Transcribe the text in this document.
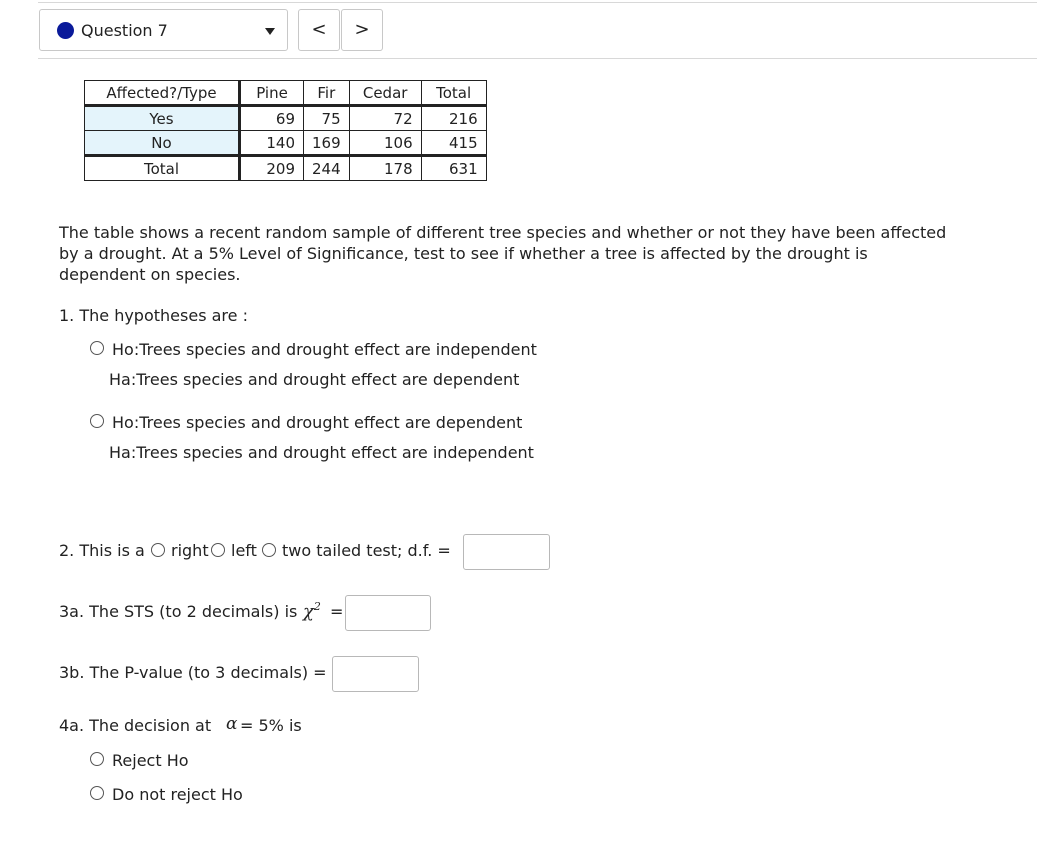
Question 7	<	>
Affected?/Type	Pine	Fir	Cedar	Total
Yes	69	75	72	216
No	140	169	106	415
Total	209	244	178	631
The table shows a recent random sample of different tree species and whether or not they have been affected by a drought. At a 5% Level of Significance, test to see if whether a tree is affected by the drought is dependent on species.
1. The hypotheses are :
Ho:Trees species and drought effect are independent
Ha:Trees species and drought effect are dependent
Ho:Trees species and drought effect are dependent
Ha:Trees species and drought effect are independent
2. This is a right left two tailed test; d.f. =
3a. The STS (to 2 decimals) is $\chi^2$ =
3b. The P-value (to 3 decimals) =
4a. The decision at α = 5% is
Reject Ho
Do not reject Ho
